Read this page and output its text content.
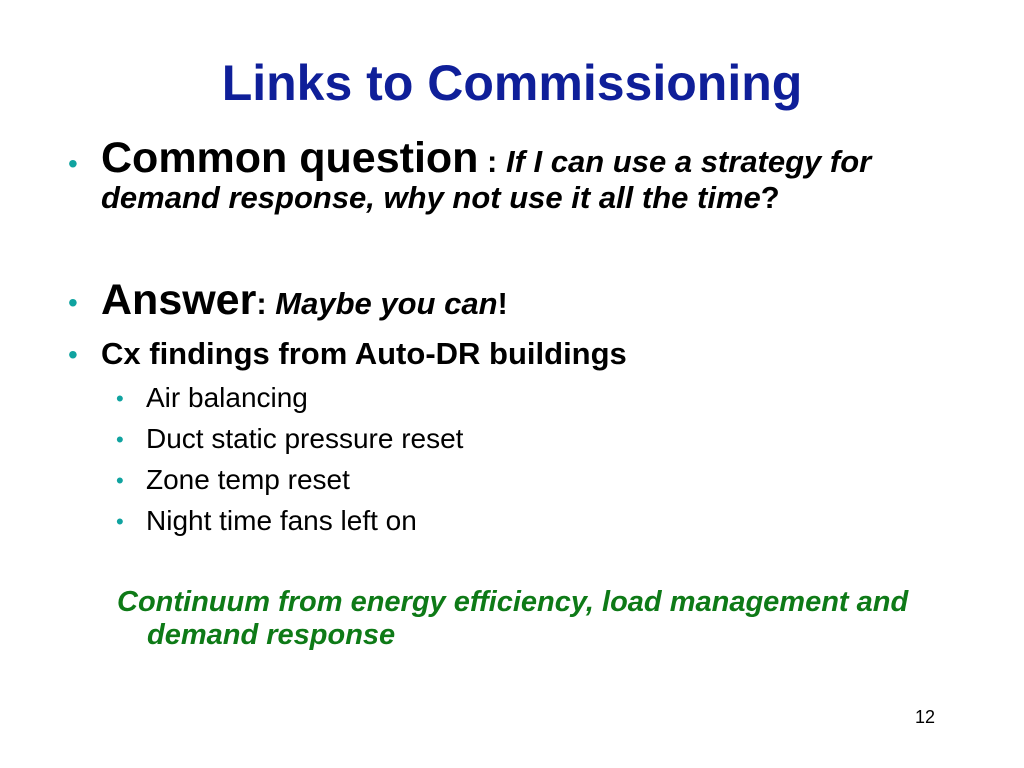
Links to Commissioning
• Common question : If I can use a strategy for demand response, why not use it all the time?
• Answer: Maybe you can!
• Cx findings from Auto-DR buildings
• Air balancing
• Duct static pressure reset
• Zone temp reset
• Night time fans left on
Continuum from energy efficiency, load management and demand response
12
